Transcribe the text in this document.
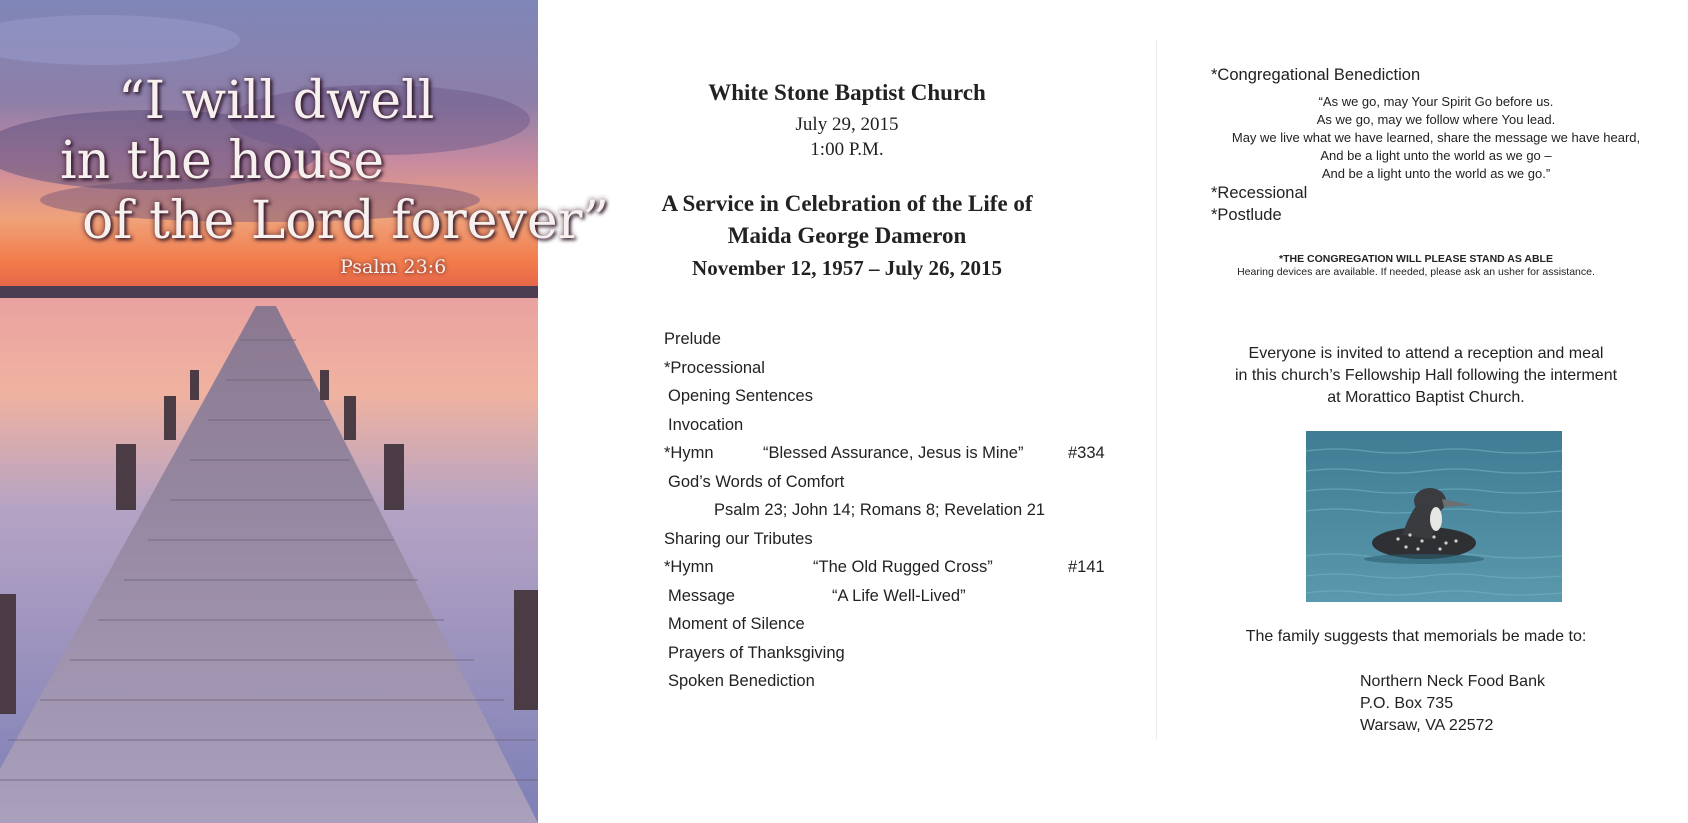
“I will dwell
in the house
of the Lord forever”
Psalm 23:6
White Stone Baptist Church
July 29, 2015
1:00 P.M.
A Service in Celebration of the Life of
Maida George Dameron
November 12, 1957 – July 26, 2015
Prelude
*Processional
Opening Sentences
Invocation
*Hymn	“Blessed Assurance, Jesus is Mine”	#334
God’s Words of Comfort
Psalm 23; John 14; Romans 8; Revelation 21
Sharing our Tributes
*Hymn	“The Old Rugged Cross”	#141
Message	“A Life Well-Lived”
Moment of Silence
Prayers of Thanksgiving
Spoken Benediction
*Congregational Benediction
“As we go, may Your Spirit Go before us.
As we go, may we follow where You lead.
May we live what we have learned, share the message we have heard,
And be a light unto the world as we go –
And be a light unto the world as we go.”
*Recessional
*Postlude
*THE CONGREGATION WILL PLEASE STAND AS ABLE
Hearing devices are available. If needed, please ask an usher for assistance.
Everyone is invited to attend a reception and meal
in this church’s Fellowship Hall following the interment
at Morattico Baptist Church.
The family suggests that memorials be made to:
Northern Neck Food Bank
P.O. Box 735
Warsaw, VA 22572
